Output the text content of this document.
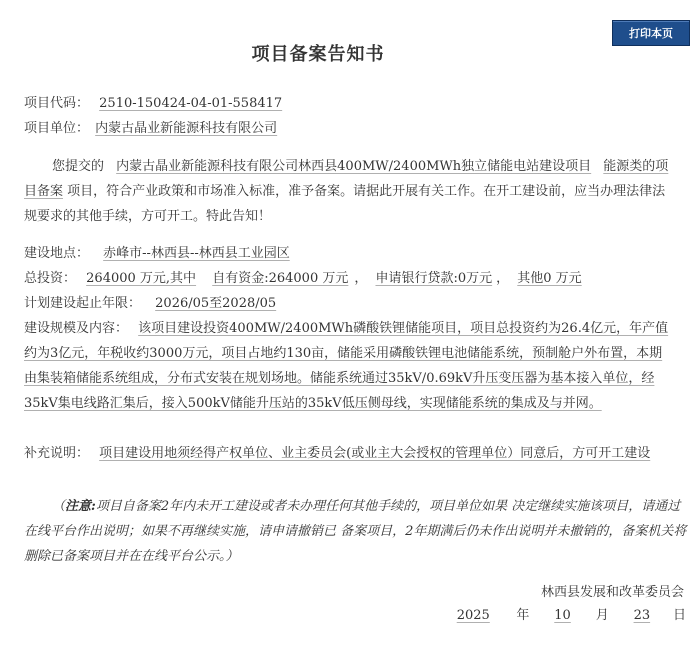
打印本页
项目备案告知书
项目代码： 2510-150424-04-01-558417
项目单位： 内蒙古晶业新能源科技有限公司
您提交的 内蒙古晶业新能源科技有限公司林西县400MW/2400MWh独立储能电站建设项目 能源类的项目备案 项目，符合产业政策和市场准入标准，准予备案。请据此开展有关工作。在开工建设前，应当办理法律法规要求的其他手续，方可开工。特此告知！
建设地点： 赤峰市--林西县--林西县工业园区
总投资： 264000 万元,其中 自有资金:264000 万元 ， 申请银行贷款:0万元 ， 其他0 万元
计划建设起止年限： 2026/05至2028/05
建设规模及内容： 该项目建设投资400MW/2400MWh磷酸铁锂储能项目，项目总投资约为26.4亿元，年产值约为3亿元，年税收约3000万元，项目占地约130亩，储能采用磷酸铁锂电池储能系统，预制舱户外布置，本期由集装箱储能系统组成，分布式安装在规划场地。储能系统通过35kV/0.69kV升压变压器为基本接入单位，经35kV集电线路汇集后，接入500kV储能升压站的35kV低压侧母线，实现储能系统的集成及与并网。
补充说明： 项目建设用地须经得产权单位、业主委员会(或业主大会授权的管理单位）同意后，方可开工建设
（注意:项目自备案2年内未开工建设或者未办理任何其他手续的，项目单位如果 决定继续实施该项目，请通过在线平台作出说明；如果不再继续实施，请申请撤销已 备案项目，2年期满后仍未作出说明并未撤销的，备案机关将删除已备案项目并在在线平台公示。）
林西县发展和改革委员会
2025 年 10 月 23 日
